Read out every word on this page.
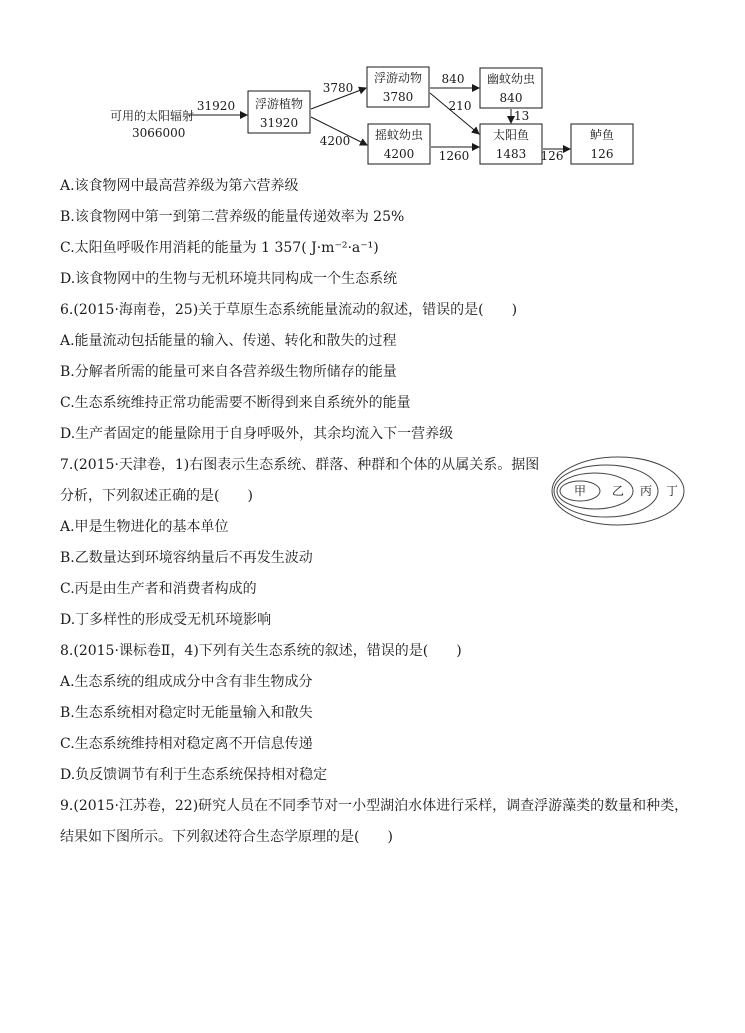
可用的太阳辐射
3066000
浮游植物
31920
浮游动物
3780
摇蚊幼虫
4200
幽蚊幼虫
840
太阳鱼
1483
鲈鱼
126
31920
3780
4200
840
210
13
1260	126
A.该食物网中最高营养级为第六营养级
B.该食物网中第一到第二营养级的能量传递效率为 25%
C.太阳鱼呼吸作用消耗的能量为 1 357( J·m⁻²·a⁻¹)
D.该食物网中的生物与无机环境共同构成一个生态系统
6.(2015·海南卷，25)关于草原生态系统能量流动的叙述，错误的是(　　)
A.能量流动包括能量的输入、传递、转化和散失的过程
B.分解者所需的能量可来自各营养级生物所储存的能量
C.生态系统维持正常功能需要不断得到来自系统外的能量
D.生产者固定的能量除用于自身呼吸外，其余均流入下一营养级
7.(2015·天津卷，1)右图表示生态系统、群落、种群和个体的从属关系。据图
分析，下列叙述正确的是(　　)
A.甲是生物进化的基本单位
B.乙数量达到环境容纳量后不再发生波动
C.丙是由生产者和消费者构成的
D.丁多样性的形成受无机环境影响
8.(2015·课标卷Ⅱ，4)下列有关生态系统的叙述，错误的是(　　)
A.生态系统的组成成分中含有非生物成分
B.生态系统相对稳定时无能量输入和散失
C.生态系统维持相对稳定离不开信息传递
D.负反馈调节有利于生态系统保持相对稳定
9.(2015·江苏卷，22)研究人员在不同季节对一小型湖泊水体进行采样，调查浮游藻类的数量和种类，
结果如下图所示。下列叙述符合生态学原理的是(　　)
甲 乙 丙 丁
